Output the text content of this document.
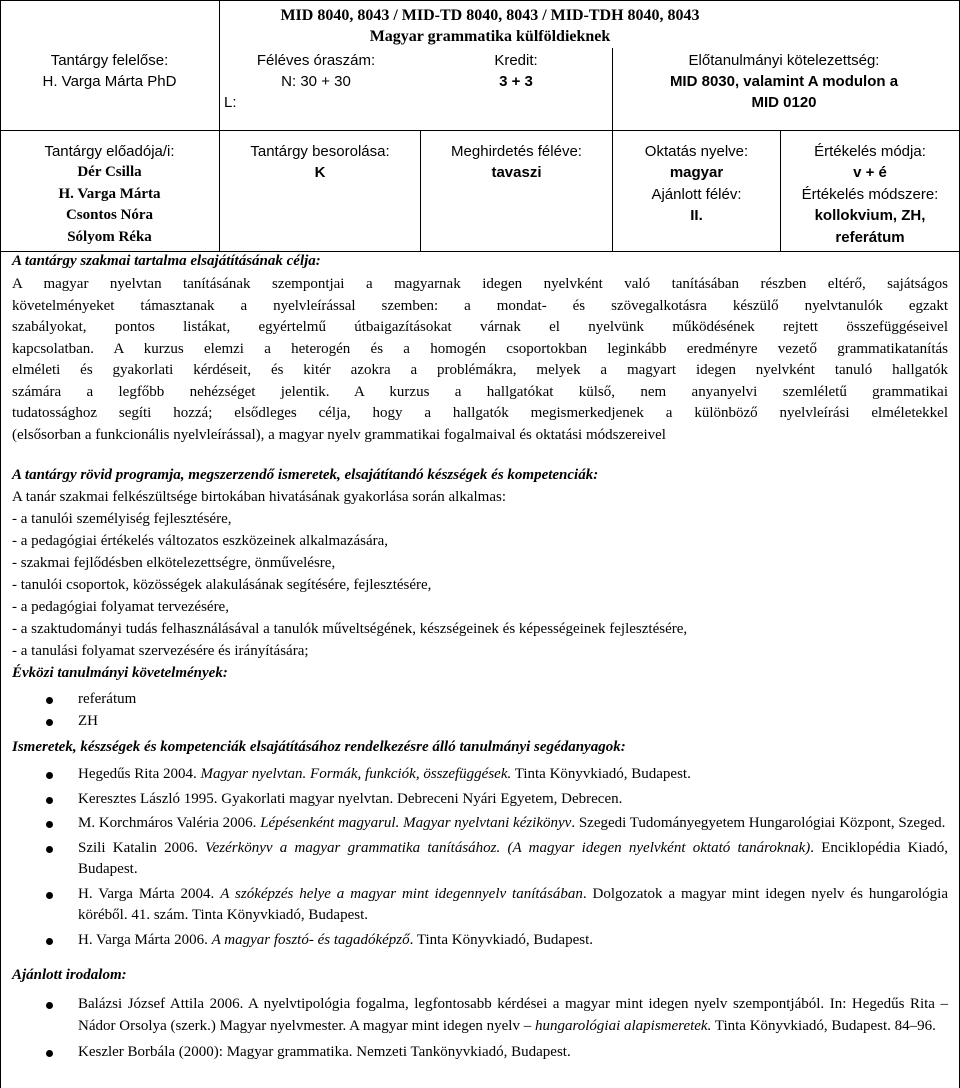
MID 8040, 8043 / MID-TD 8040, 8043 / MID-TDH 8040, 8043
Magyar grammatika külföldieknek
Tantárgy felelőse:
H. Varga Márta PhD
Féléves óraszám:
N: 30 + 30
L:
Kredit:
3 + 3
Előtanulmányi kötelezettség:
MID 8030, valamint A modulon a
MID 0120
Tantárgy előadója/i:
Dér Csilla
H. Varga Márta
Csontos Nóra
Sólyom Réka
Tantárgy besorolása:
K
Meghirdetés féléve:
tavaszi
Oktatás nyelve:
magyar
Ajánlott félév:
II.
Értékelés módja:
v + é
Értékelés módszere:
kollokvium, ZH,
referátum
A tantárgy szakmai tartalma elsajátításának célja:
A magyar nyelvtan tanításának szempontjai a magyarnak idegen nyelvként való tanításában részben eltérő, sajátságos
követelményeket támasztanak a nyelvleírással szemben: a mondat- és szövegalkotásra készülő nyelvtanulók egzakt
szabályokat, pontos listákat, egyértelmű útbaigazításokat várnak el nyelvünk működésének rejtett összefüggéseivel
kapcsolatban. A kurzus elemzi a heterogén és a homogén csoportokban leginkább eredményre vezető grammatikatanítás
elméleti és gyakorlati kérdéseit, és kitér azokra a problémákra, melyek a magyart idegen nyelvként tanuló hallgatók
számára a legfőbb nehézséget jelentik. A kurzus a hallgatókat külső, nem anyanyelvi szemléletű grammatikai
tudatossághoz segíti hozzá; elsődleges célja, hogy a hallgatók megismerkedjenek a különböző nyelvleírási elméletekkel
(elsősorban a funkcionális nyelvleírással), a magyar nyelv grammatikai fogalmaival és oktatási módszereivel
A tantárgy rövid programja, megszerzendő ismeretek, elsajátítandó készségek és kompetenciák:
A tanár szakmai felkészültsége birtokában hivatásának gyakorlása során alkalmas:
- a tanulói személyiség fejlesztésére,
- a pedagógiai értékelés változatos eszközeinek alkalmazására,
- szakmai fejlődésben elkötelezettségre, önművelésre,
- tanulói csoportok, közösségek alakulásának segítésére, fejlesztésére,
- a pedagógiai folyamat tervezésére,
- a szaktudományi tudás felhasználásával a tanulók műveltségének, készségeinek és képességeinek fejlesztésére,
- a tanulási folyamat szervezésére és irányítására;
Évközi tanulmányi követelmények:
referátum
ZH
Ismeretek, készségek és kompetenciák elsajátításához rendelkezésre álló tanulmányi segédanyagok:
Hegedűs Rita 2004. Magyar nyelvtan. Formák, funkciók, összefüggések. Tinta Könyvkiadó, Budapest.
Keresztes László 1995. Gyakorlati magyar nyelvtan. Debreceni Nyári Egyetem, Debrecen.
M. Korchmáros Valéria 2006. Lépésenként magyarul. Magyar nyelvtani kézikönyv. Szegedi Tudományegyetem Hungarológiai Központ, Szeged.
Szili Katalin 2006. Vezérkönyv a magyar grammatika tanításához. (A magyar idegen nyelvként oktató tanároknak). Enciklopédia Kiadó, Budapest.
H. Varga Márta 2004. A szóképzés helye a magyar mint idegennyelv tanításában. Dolgozatok a magyar mint idegen nyelv és hungarológia köréből. 41. szám. Tinta Könyvkiadó, Budapest.
H. Varga Márta 2006. A magyar fosztó- és tagadóképző. Tinta Könyvkiadó, Budapest.
Ajánlott irodalom:
Balázsi József Attila 2006. A nyelvtipológia fogalma, legfontosabb kérdései a magyar mint idegen nyelv szempontjából. In: Hegedűs Rita – Nádor Orsolya (szerk.) Magyar nyelvmester. A magyar mint idegen nyelv – hungarológiai alapismeretek. Tinta Könyvkiadó, Budapest. 84–96.
Keszler Borbála (2000): Magyar grammatika. Nemzeti Tankönyvkiadó, Budapest.
